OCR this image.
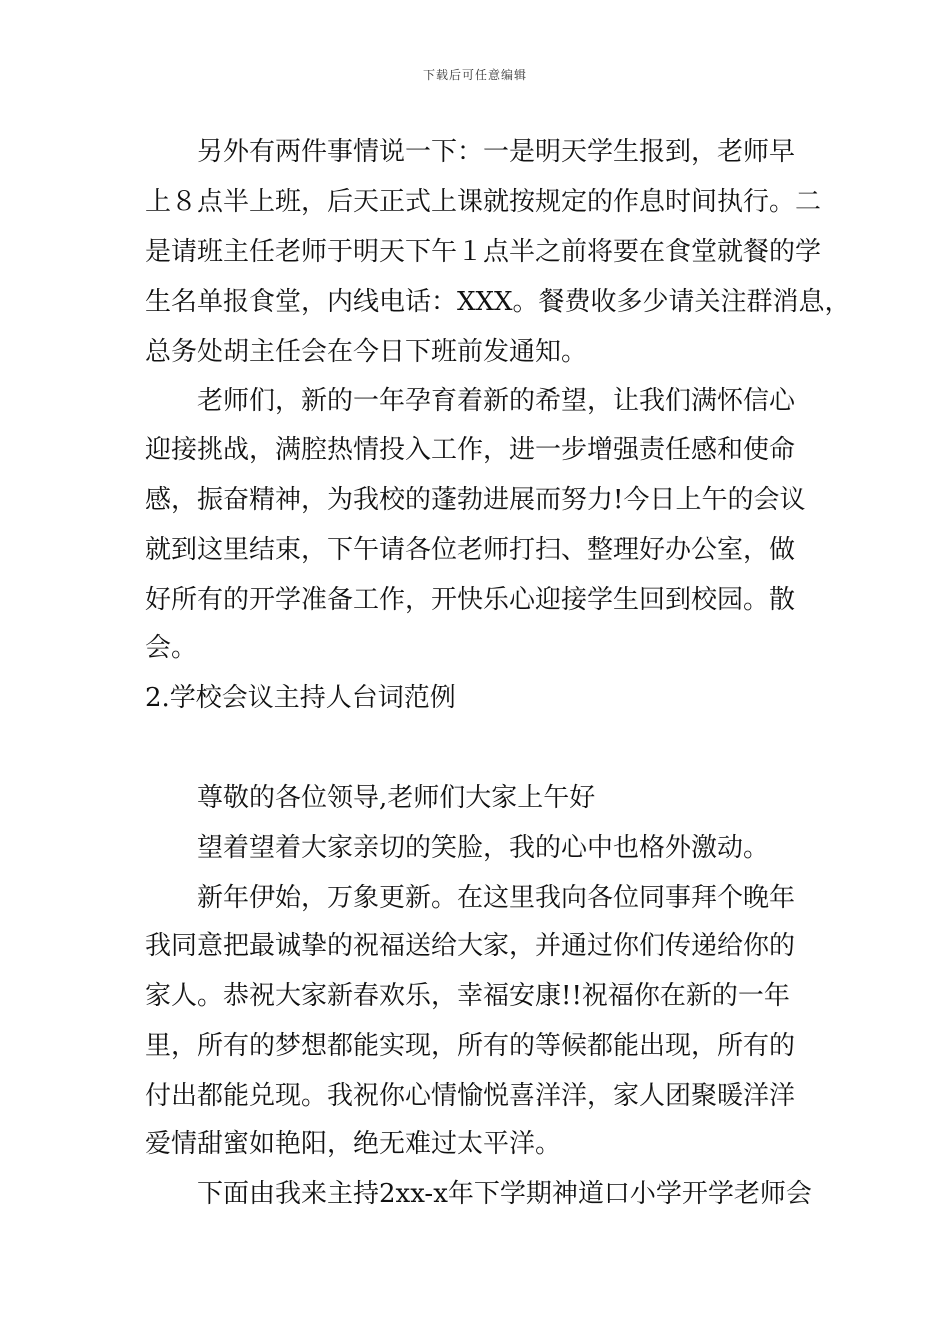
下载后可任意编辑
另外有两件事情说一下：一是明天学生报到，老师早
上８点半上班，后天正式上课就按规定的作息时间执行。二
是请班主任老师于明天下午１点半之前将要在食堂就餐的学
生名单报食堂，内线电话：XXX。餐费收多少请关注群消息，
总务处胡主任会在今日下班前发通知。
老师们，新的一年孕育着新的希望，让我们满怀信心
迎接挑战，满腔热情投入工作，进一步增强责任感和使命
感，振奋精神，为我校的蓬勃进展而努力!今日上午的会议
就到这里结束，下午请各位老师打扫、整理好办公室，做
好所有的开学准备工作，开快乐心迎接学生回到校园。散
会。
2.学校会议主持人台词范例
尊敬的各位领导,老师们大家上午好
望着望着大家亲切的笑脸，我的心中也格外激动。
新年伊始，万象更新。在这里我向各位同事拜个晚年
我同意把最诚挚的祝福送给大家，并通过你们传递给你的
家人。恭祝大家新春欢乐，幸福安康!!祝福你在新的一年
里，所有的梦想都能实现，所有的等候都能出现，所有的
付出都能兑现。我祝你心情愉悦喜洋洋，家人团聚暖洋洋
爱情甜蜜如艳阳，绝无难过太平洋。
下面由我来主持2xx-x年下学期神道口小学开学老师会
